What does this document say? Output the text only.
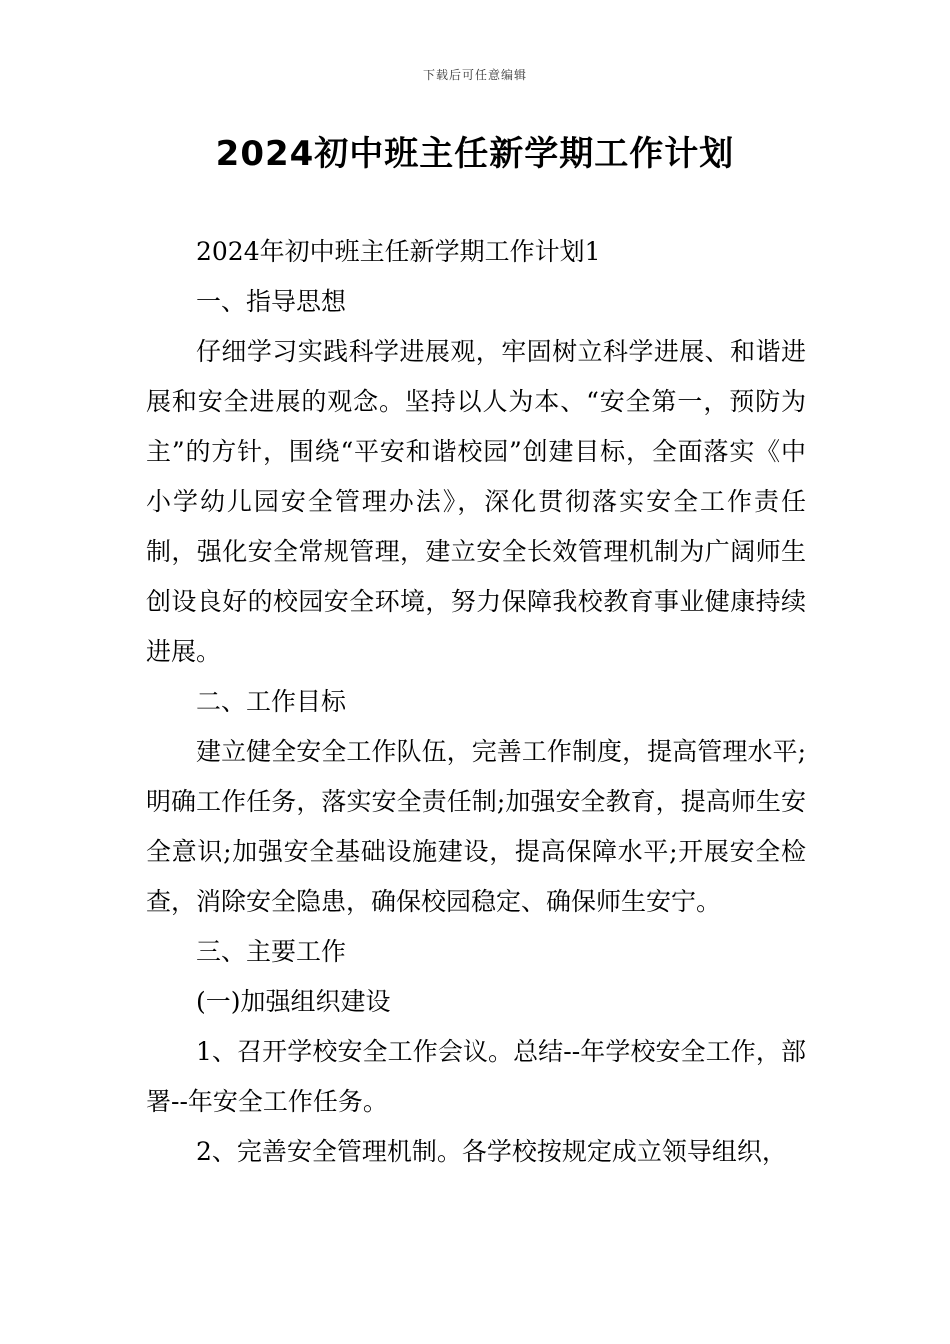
下载后可任意编辑
2024初中班主任新学期工作计划

2024年初中班主任新学期工作计划1

一、指导思想

仔细学习实践科学进展观，牢固树立科学进展、和谐进展和安全进展的观念。坚持以人为本、“安全第一，预防为主”的方针，围绕“平安和谐校园”创建目标，全面落实《中小学幼儿园安全管理办法》，深化贯彻落实安全工作责任制，强化安全常规管理，建立安全长效管理机制为广阔师生创设良好的校园安全环境，努力保障我校教育事业健康持续进展。

二、工作目标

建立健全安全工作队伍，完善工作制度，提高管理水平;明确工作任务，落实安全责任制;加强安全教育，提高师生安全意识;加强安全基础设施建设，提高保障水平;开展安全检查，消除安全隐患，确保校园稳定、确保师生安宁。

三、主要工作

(一)加强组织建设

1、召开学校安全工作会议。总结--年学校安全工作，部署--年安全工作任务。

2、完善安全管理机制。各学校按规定成立领导组织，
